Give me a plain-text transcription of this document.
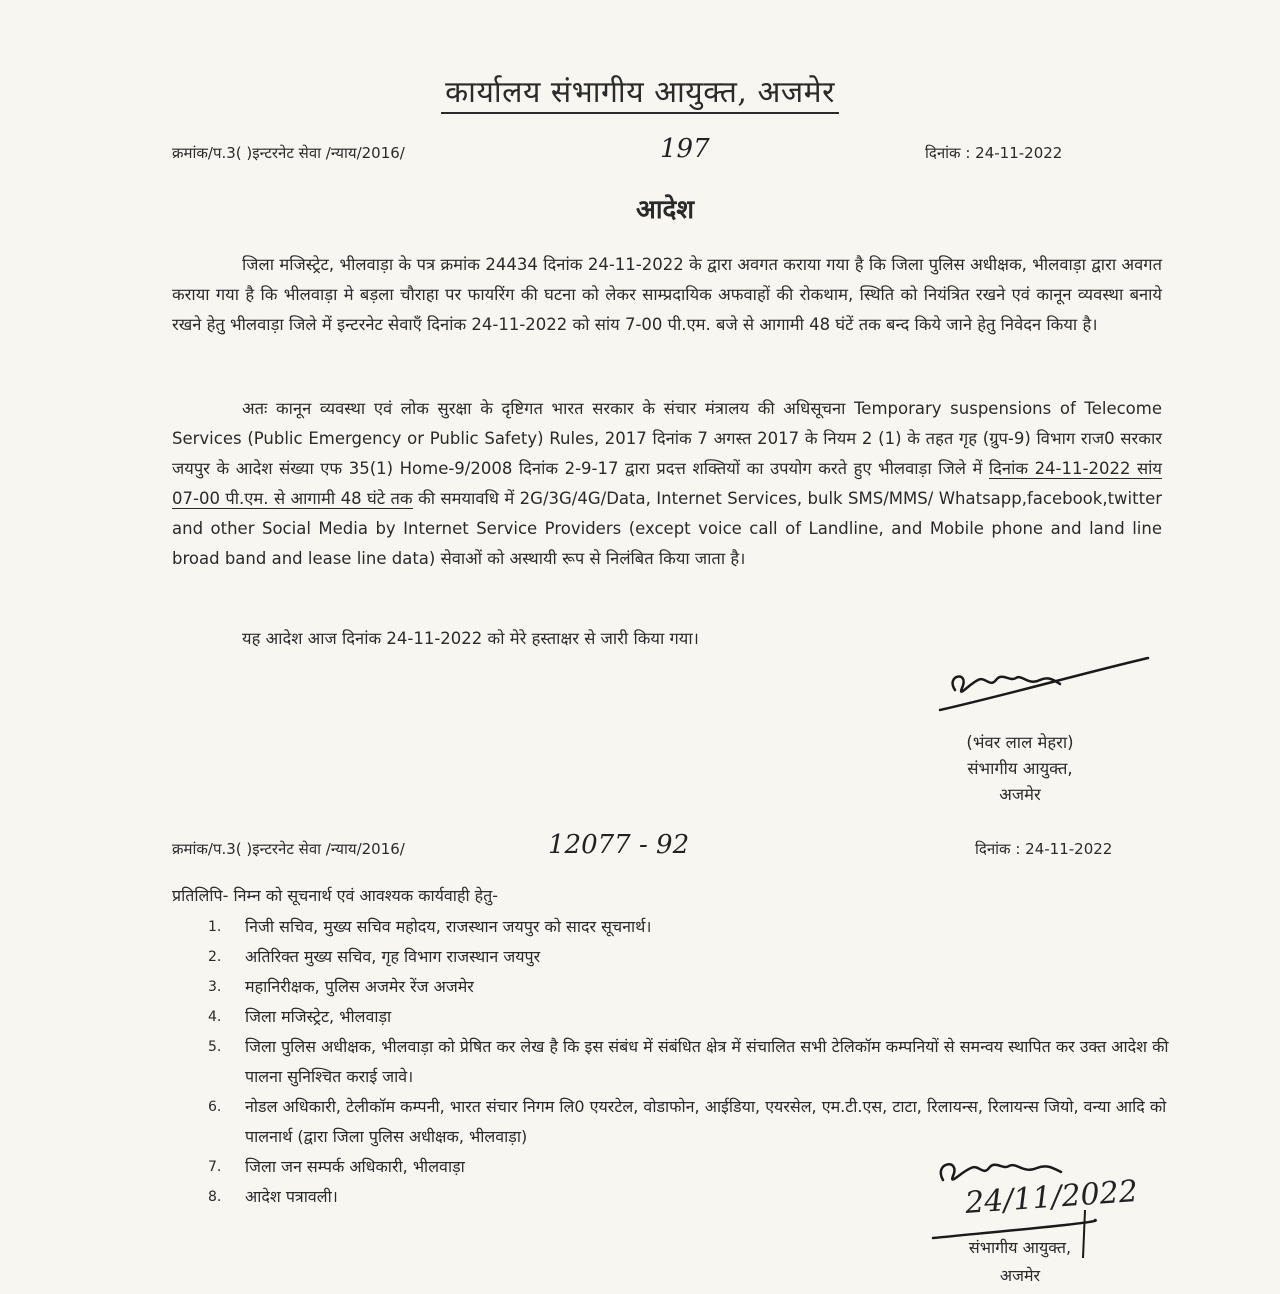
कार्यालय संभागीय आयुक्त, अजमेर
क्रमांक/प.3( )इन्टरनेट सेवा /न्याय/2016/	197	दिनांक : 24-11-2022
आदेश
जिला मजिस्ट्रेट, भीलवाड़ा के पत्र क्रमांक 24434 दिनांक 24-11-2022 के द्वारा अवगत कराया गया है कि जिला पुलिस अधीक्षक, भीलवाड़ा द्वारा अवगत कराया गया है कि भीलवाड़ा मे बड़ला चौराहा पर फायरिंग की घटना को लेकर साम्प्रदायिक अफवाहों की रोकथाम, स्थिति को नियंत्रित रखने एवं कानून व्यवस्था बनाये रखने हेतु भीलवाड़ा जिले में इन्टरनेट सेवाएँ दिनांक 24-11-2022 को सांय 7-00 पी.एम. बजे से आगामी 48 घंटें तक बन्द किये जाने हेतु निवेदन किया है।
अतः कानून व्यवस्था एवं लोक सुरक्षा के दृष्टिगत भारत सरकार के संचार मंत्रालय की अधिसूचना Temporary suspensions of Telecome Services (Public Emergency or Public Safety) Rules, 2017 दिनांक 7 अगस्त 2017 के नियम 2 (1) के तहत गृह (ग्रुप-9) विभाग राज0 सरकार जयपुर के आदेश संख्या एफ 35(1) Home-9/2008 दिनांक 2-9-17 द्वारा प्रदत्त शक्तियों का उपयोग करते हुए भीलवाड़ा जिले में दिनांक 24-11-2022 सांय 07-00 पी.एम. से आगामी 48 घंटे तक की समयावधि में 2G/3G/4G/Data, Internet Services, bulk SMS/MMS/ Whatsapp,facebook,twitter and other Social Media by Internet Service Providers (except voice call of Landline, and Mobile phone and land line broad band and lease line data) सेवाओं को अस्थायी रूप से निलंबित किया जाता है।
यह आदेश आज दिनांक 24-11-2022 को मेरे हस्ताक्षर से जारी किया गया।
(भंवर लाल मेहरा)
संभागीय आयुक्त,
अजमेर
क्रमांक/प.3( )इन्टरनेट सेवा /न्याय/2016/	12077 - 92	दिनांक : 24-11-2022
प्रतिलिपि- निम्न को सूचनार्थ एवं आवश्यक कार्यवाही हेतु-
1. निजी सचिव, मुख्य सचिव महोदय, राजस्थान जयपुर को सादर सूचनार्थ।
2. अतिरिक्त मुख्य सचिव, गृह विभाग राजस्थान जयपुर
3. महानिरीक्षक, पुलिस अजमेर रेंज अजमेर
4. जिला मजिस्ट्रेट, भीलवाड़ा
5. जिला पुलिस अधीक्षक, भीलवाड़ा को प्रेषित कर लेख है कि इस संबंध में संबंधित क्षेत्र में संचालित सभी टेलिकॉम कम्पनियों से समन्वय स्थापित कर उक्त आदेश की पालना सुनिश्चित कराई जावे।
6. नोडल अधिकारी, टेलीकॉम कम्पनी, भारत संचार निगम लि0 एयरटेल, वोडाफोन, आईडिया, एयरसेल, एम.टी.एस, टाटा, रिलायन्स, रिलायन्स जियो, वन्या आदि को पालनार्थ (द्वारा जिला पुलिस अधीक्षक, भीलवाड़ा)
7. जिला जन सम्पर्क अधिकारी, भीलवाड़ा
8. आदेश पत्रावली।	24/11/2022
संभागीय आयुक्त,
अजमेर
